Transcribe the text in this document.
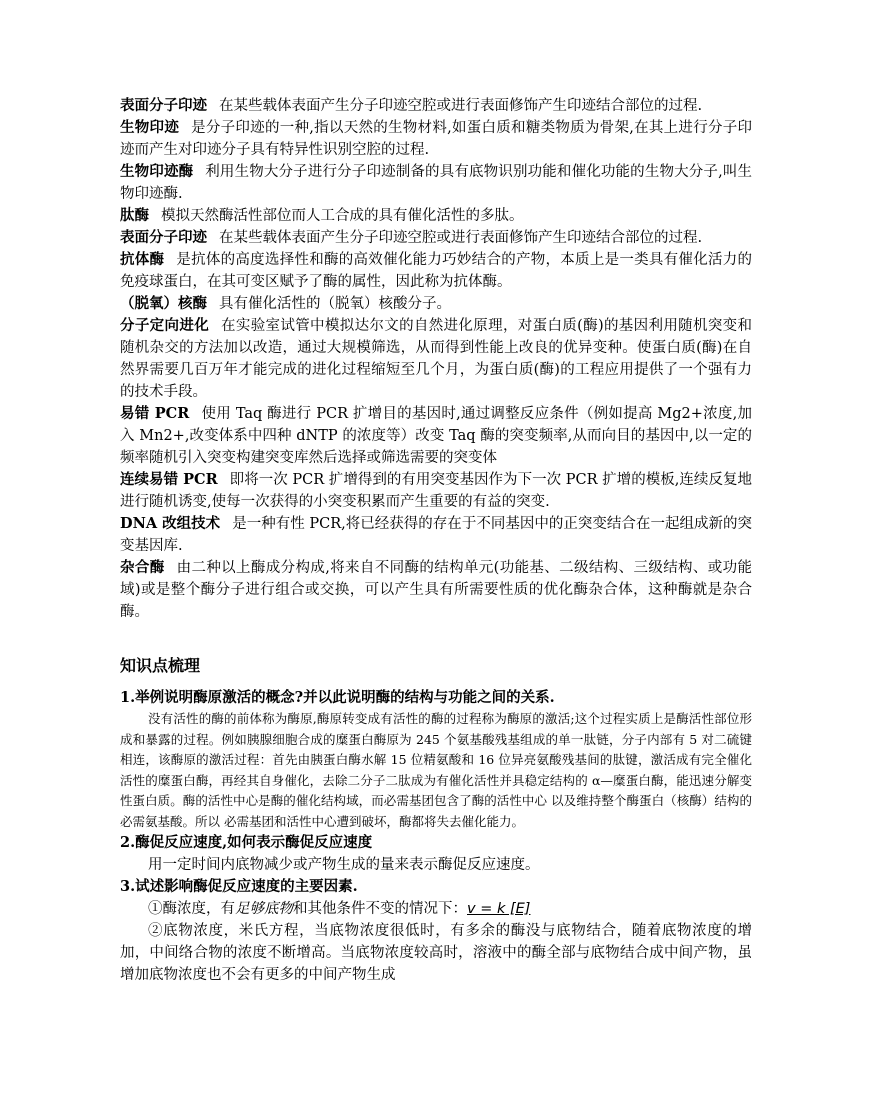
表面分子印迹 在某些载体表面产生分子印迹空腔或进行表面修饰产生印迹结合部位的过程.

生物印迹 是分子印迹的一种,指以天然的生物材料,如蛋白质和糖类物质为骨架,在其上进行分子印迹而产生对印迹分子具有特异性识别空腔的过程.

生物印迹酶 利用生物大分子进行分子印迹制备的具有底物识别功能和催化功能的生物大分子,叫生物印迹酶.

肽酶 模拟天然酶活性部位而人工合成的具有催化活性的多肽。

表面分子印迹 在某些载体表面产生分子印迹空腔或进行表面修饰产生印迹结合部位的过程.

抗体酶 是抗体的高度选择性和酶的高效催化能力巧妙结合的产物，本质上是一类具有催化活力的免疫球蛋白，在其可变区赋予了酶的属性，因此称为抗体酶。

（脱氧）核酶 具有催化活性的（脱氧）核酸分子。

分子定向进化 在实验室试管中模拟达尔文的自然进化原理，对蛋白质(酶)的基因利用随机突变和随机杂交的方法加以改造，通过大规模筛选，从而得到性能上改良的优异变种。使蛋白质(酶)在自然界需要几百万年才能完成的进化过程缩短至几个月，为蛋白质(酶)的工程应用提供了一个强有力的技术手段。

易错 PCR 使用 Taq 酶进行 PCR 扩增目的基因时,通过调整反应条件（例如提高 Mg2+浓度,加入 Mn2+,改变体系中四种 dNTP 的浓度等）改变 Taq 酶的突变频率,从而向目的基因中,以一定的频率随机引入突变构建突变库然后选择或筛选需要的突变体

连续易错 PCR 即将一次 PCR 扩增得到的有用突变基因作为下一次 PCR 扩增的模板,连续反复地进行随机诱变,使每一次获得的小突变积累而产生重要的有益的突变.

DNA 改组技术 是一种有性 PCR,将已经获得的存在于不同基因中的正突变结合在一起组成新的突变基因库.

杂合酶 由二种以上酶成分构成,将来自不同酶的结构单元(功能基、二级结构、三级结构、或功能域)或是整个酶分子进行组合或交换，可以产生具有所需要性质的优化酶杂合体，这种酶就是杂合酶。

知识点梳理

1.举例说明酶原激活的概念?并以此说明酶的结构与功能之间的关系.

没有活性的酶的前体称为酶原,酶原转变成有活性的酶的过程称为酶原的激活;这个过程实质上是酶活性部位形成和暴露的过程。例如胰腺细胞合成的糜蛋白酶原为 245 个氨基酸残基组成的单一肽链，分子内部有 5 对二硫键相连，该酶原的激活过程：首先由胰蛋白酶水解 15 位精氨酸和 16 位异亮氨酸残基间的肽键，激活成有完全催化活性的糜蛋白酶，再经其自身催化，去除二分子二肽成为有催化活性并具稳定结构的 α—糜蛋白酶，能迅速分解变性蛋白质。酶的活性中心是酶的催化结构域，而必需基团包含了酶的活性中心 以及维持整个酶蛋白（核酶）结构的必需氨基酸。所以 必需基团和活性中心遭到破坏，酶都将失去催化能力。

2.酶促反应速度,如何表示酶促反应速度

用一定时间内底物减少或产物生成的量来表示酶促反应速度。

3.试述影响酶促反应速度的主要因素.

①酶浓度，有足够底物和其他条件不变的情况下：v = k [E]

②底物浓度，米氏方程，当底物浓度很低时，有多余的酶没与底物结合，随着底物浓度的增加，中间络合物的浓度不断增高。当底物浓度较高时，溶液中的酶全部与底物结合成中间产物，虽增加底物浓度也不会有更多的中间产物生成
